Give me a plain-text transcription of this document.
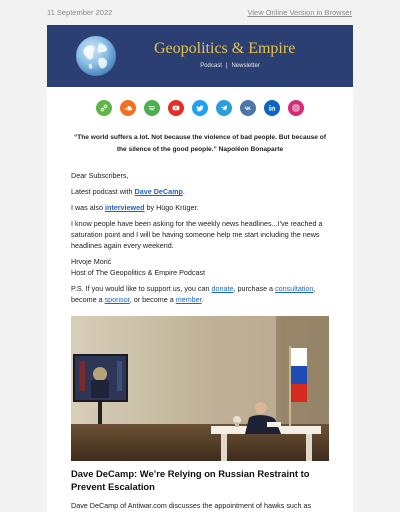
11 September 2022	View Online Version in Browser
Geopolitics & Empire
Podcast | Newsletter
“The world suffers a lot. Not because the violence of bad people. But because of the silence of the good people.” Napoléon Bonaparte

Dear Subscribers,

Latest podcast with Dave DeCamp.

I was also interviewed by Hügo Krüger.

I know people have been asking for the weekly news headlines...I've reached a saturation point and I will be having someone help me start including the news headlines again every weekend.

Hrvoje Morić
Host of The Geopolitics & Empire Podcast

P.S. If you would like to support us, you can donate, purchase a consultation, become a sponsor, or become a member.

Dave DeCamp: We’re Relying on Russian Restraint to Prevent Escalation
Dave DeCamp of Antiwar.com discusses the appointment of hawks such as
